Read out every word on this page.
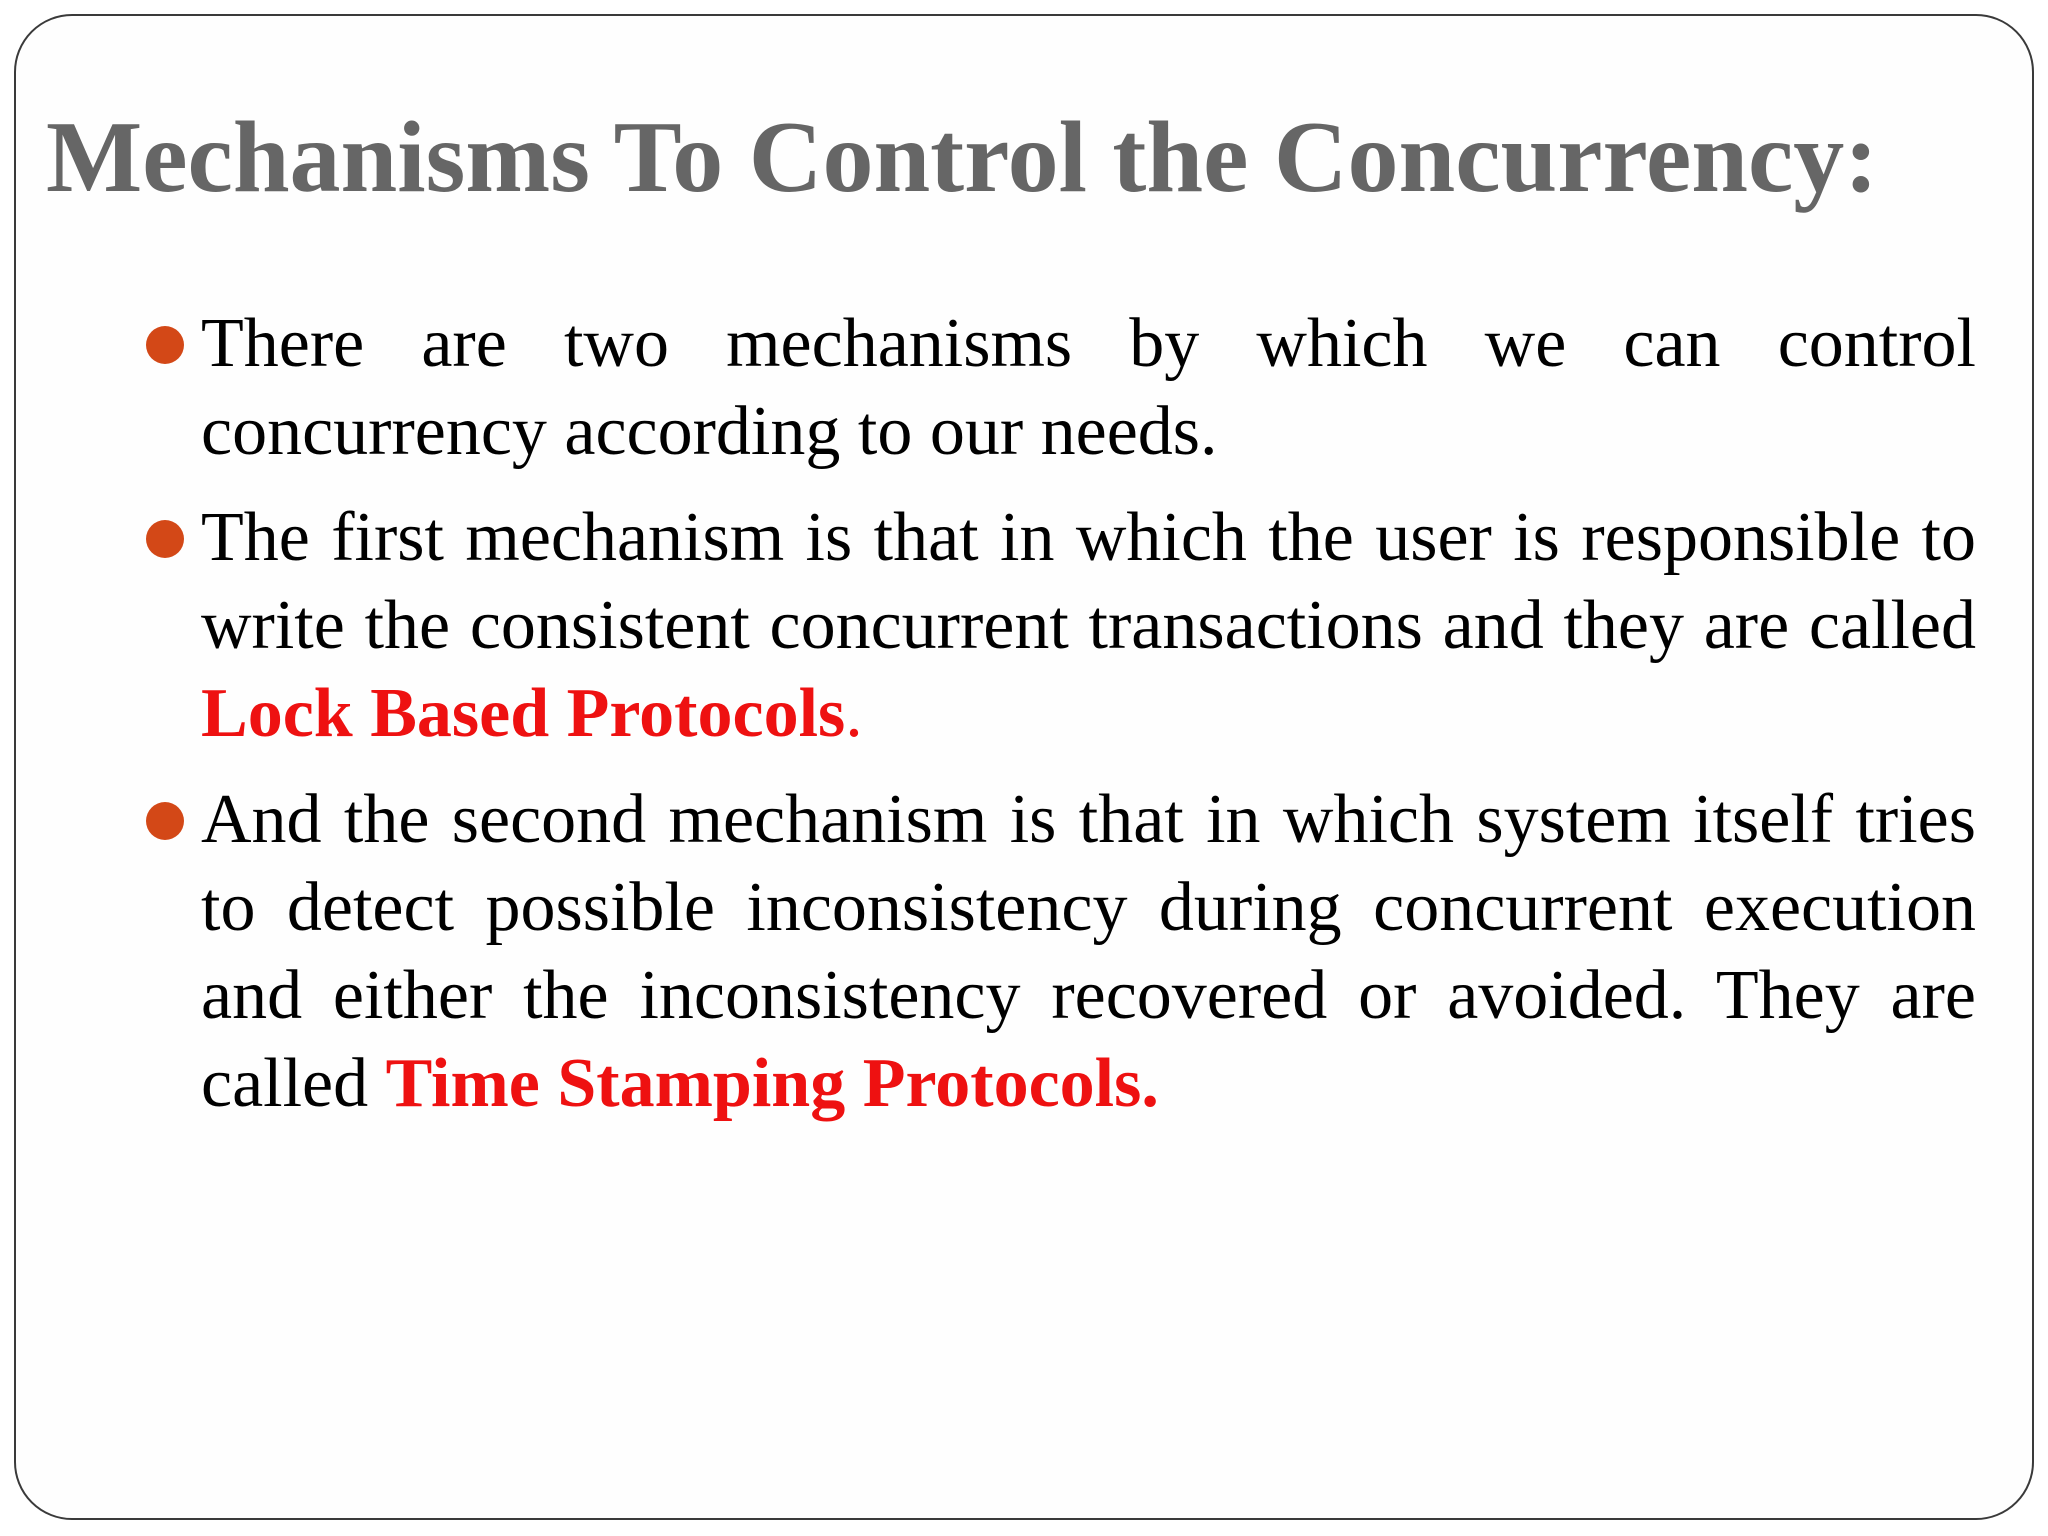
Mechanisms To Control the Concurrency:
There are two mechanisms by which we can control concurrency according to our needs.
The first mechanism is that in which the user is responsible to write the consistent concurrent transactions and they are called Lock Based Protocols.
And the second mechanism is that in which system itself tries to detect possible inconsistency during concurrent execution and either the inconsistency recovered or avoided. They are called Time Stamping Protocols.
